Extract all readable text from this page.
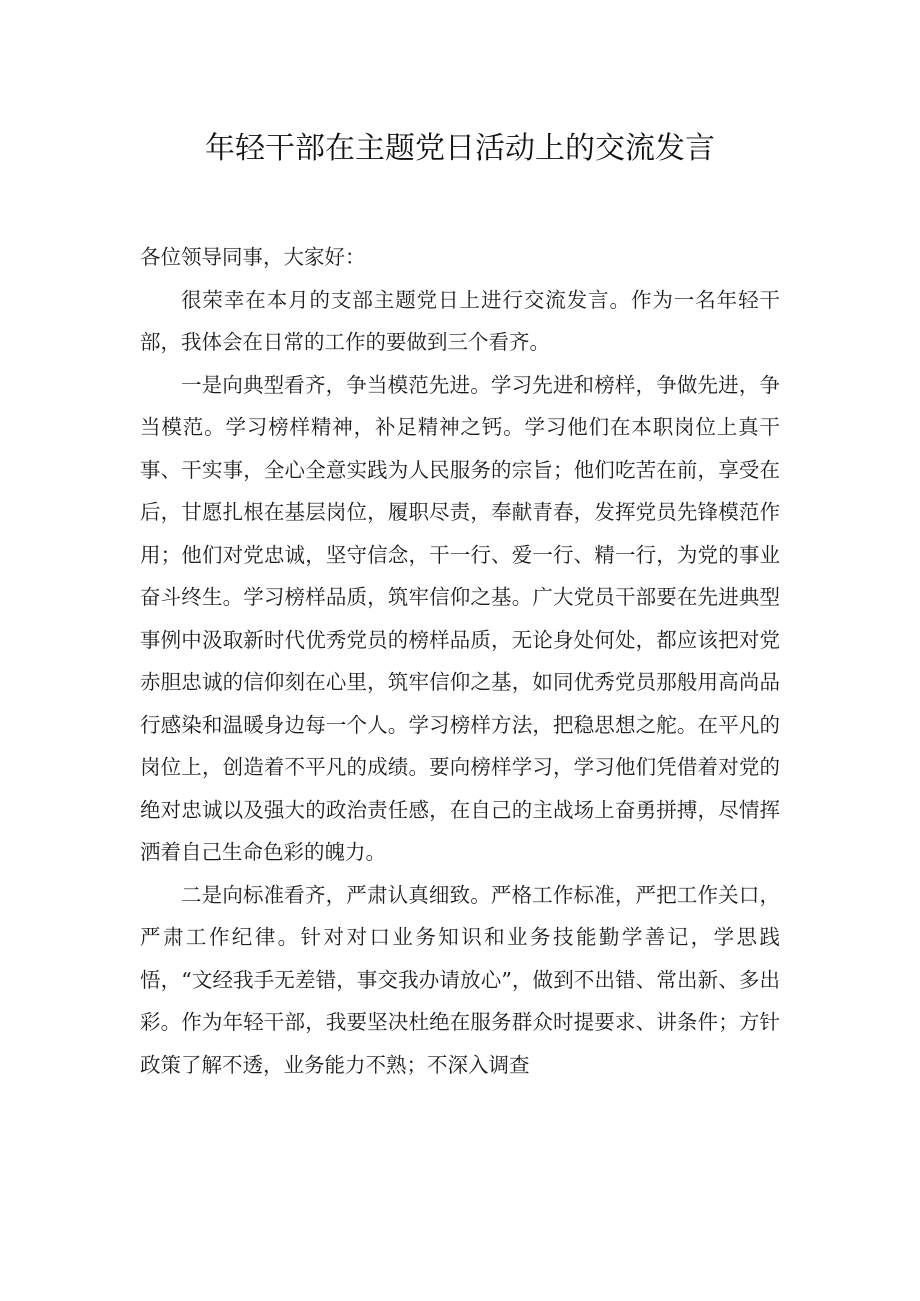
年轻干部在主题党日活动上的交流发言

各位领导同事，大家好：

很荣幸在本月的支部主题党日上进行交流发言。作为一名年轻干部，我体会在日常的工作的要做到三个看齐。

一是向典型看齐，争当模范先进。学习先进和榜样，争做先进，争当模范。学习榜样精神，补足精神之钙。学习他们在本职岗位上真干事、干实事，全心全意实践为人民服务的宗旨；他们吃苦在前，享受在后，甘愿扎根在基层岗位，履职尽责，奉献青春，发挥党员先锋模范作用；他们对党忠诚，坚守信念，干一行、爱一行、精一行，为党的事业奋斗终生。学习榜样品质，筑牢信仰之基。广大党员干部要在先进典型事例中汲取新时代优秀党员的榜样品质，无论身处何处，都应该把对党赤胆忠诚的信仰刻在心里，筑牢信仰之基，如同优秀党员那般用高尚品行感染和温暖身边每一个人。学习榜样方法，把稳思想之舵。在平凡的岗位上，创造着不平凡的成绩。要向榜样学习，学习他们凭借着对党的绝对忠诚以及强大的政治责任感，在自己的主战场上奋勇拼搏，尽情挥洒着自己生命色彩的魄力。

二是向标准看齐，严肃认真细致。严格工作标准，严把工作关口，严肃工作纪律。针对对口业务知识和业务技能勤学善记，学思践悟，“文经我手无差错，事交我办请放心”，做到不出错、常出新、多出彩。作为年轻干部，我要坚决杜绝在服务群众时提要求、讲条件；方针政策了解不透，业务能力不熟；不深入调查
